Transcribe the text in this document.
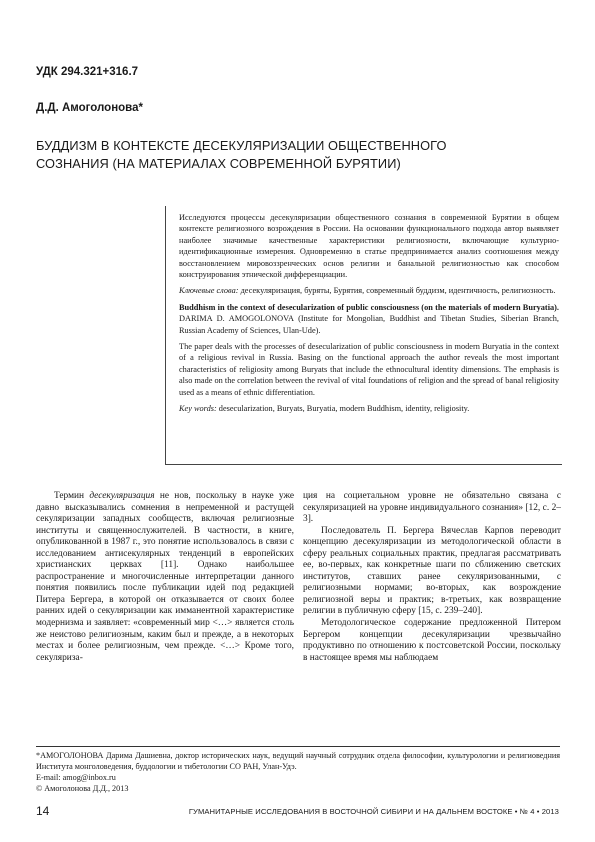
УДК 294.321+316.7
Д.Д. Амоголонова*
БУДДИЗМ В КОНТЕКСТЕ ДЕСЕКУЛЯРИЗАЦИИ ОБЩЕСТВЕННОГО
СОЗНАНИЯ (НА МАТЕРИАЛАХ СОВРЕМЕННОЙ БУРЯТИИ)

Исследуются процессы десекуляризации общественного сознания в современной Бурятии в общем контексте религиозного возрождения в России. На основании функционального подхода автор выявляет наиболее значимые качественные характеристики религиозности, включающие культурно-идентификационные измерения. Одновременно в статье предпринимается анализ соотношения между восстановлением мировоззренческих основ религии и банальной религиозностью как способом конструирования этнической дифференциации.

Ключевые слова: десекуляризация, буряты, Бурятия, современный буддизм, идентичность, религиозность.

Buddhism in the context of desecularization of public consciousness (on the materials of modern Buryatia). DARIMA D. AMOGOLONOVA (Institute for Mongolian, Buddhist and Tibetan Studies, Siberian Branch, Russian Academy of Sciences, Ulan-Ude).

The paper deals with the processes of desecularization of public consciousness in modern Buryatia in the context of a religious revival in Russia. Basing on the functional approach the author reveals the most important characteristics of religiosity among Buryats that include the ethnocultural identity dimensions. The emphasis is also made on the correlation between the revival of vital foundations of religion and the spread of banal religiosity used as a means of ethnic differentiation.

Key words: desecularization, Buryats, Buryatia, modern Buddhism, identity, religiosity.

Термин десекуляризация не нов, поскольку в науке уже давно высказывались сомнения в непременной и растущей секуляризации западных сообществ, включая религиозные институты и священнослужителей. В частности, в книге, опубликованной в 1987 г., это понятие использовалось в связи с исследованием антисекулярных тенденций в европейских христианских церквах [11]. Однако наибольшее распространение и многочисленные интерпретации данного понятия появились после публикации идей под редакцией Питера Бергера, в которой он отказывается от своих более ранних идей о секуляризации как имманентной характеристике модернизма и заявляет: «современный мир <…> является столь же неистово религиозным, каким был и прежде, а в некоторых местах и более религиозным, чем прежде. <…> Кроме того, секуляриза-

ция на социетальном уровне не обязательно связана с секуляризацией на уровне индивидуального сознания» [12, c. 2–3].

Последователь П. Бергера Вячеслав Карпов переводит концепцию десекуляризации из методологической области в сферу реальных социальных практик, предлагая рассматривать ее, во-первых, как конкретные шаги по сближению светских институтов, ставших ранее секуляризованными, с религиозными нормами; во-вторых, как возрождение религиозной веры и практик; в-третьих, как возвращение религии в публичную сферу [15, c. 239–240].

Методологическое содержание предложенной Питером Бергером концепции десекуляризации чрезвычайно продуктивно по отношению к постсоветской России, поскольку в настоящее время мы наблюдаем

*АМОГОЛОНОВА Дарима Дашиевна, доктор исторических наук, ведущий научный сотрудник отдела философии, культурологии и религиоведния Института монголоведения, буддологии и тибетологии СО РАН, Улан-Удэ.

E-mail: amog@inbox.ru

© Амоголонова Д.Д., 2013

14	ГУМАНИТАРНЫЕ ИССЛЕДОВАНИЯ В ВОСТОЧНОЙ СИБИРИ И НА ДАЛЬНЕМ ВОСТОКЕ • № 4 • 2013
